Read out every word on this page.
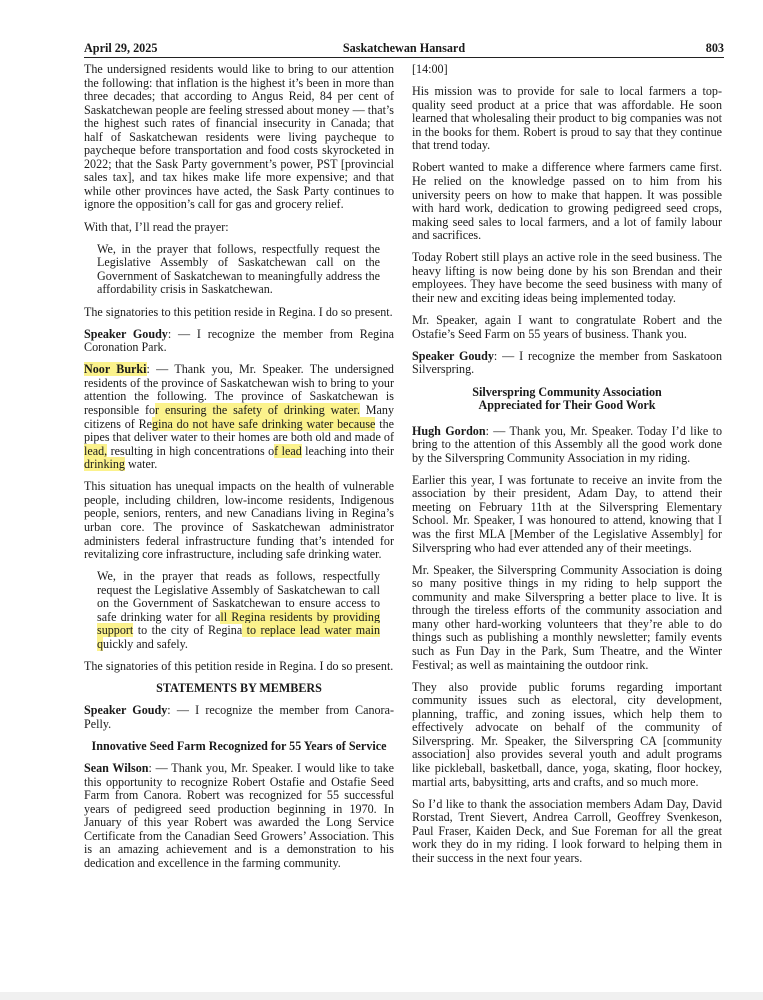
Saskatchewan Hansard
April 29, 2025	803

The undersigned residents would like to bring to our attention the following: that inflation is the highest it’s been in more than three decades; that according to Angus Reid, 84 per cent of Saskatchewan people are feeling stressed about money — that’s the highest such rates of financial insecurity in Canada; that half of Saskatchewan residents were living paycheque to paycheque before transportation and food costs skyrocketed in 2022; that the Sask Party government’s power, PST [provincial sales tax], and tax hikes make life more expensive; and that while other provinces have acted, the Sask Party continues to ignore the opposition’s call for gas and grocery relief.

With that, I’ll read the prayer:

We, in the prayer that follows, respectfully request the Legislative Assembly of Saskatchewan call on the Government of Saskatchewan to meaningfully address the affordability crisis in Saskatchewan.

The signatories to this petition reside in Regina. I do so present.

Speaker Goudy: — I recognize the member from Regina Coronation Park.

Noor Burki: — Thank you, Mr. Speaker. The undersigned residents of the province of Saskatchewan wish to bring to your attention the following. The province of Saskatchewan is responsible for ensuring the safety of drinking water. Many citizens of Regina do not have safe drinking water because the pipes that deliver water to their homes are both old and made of lead, resulting in high concentrations of lead leaching into their drinking water.

This situation has unequal impacts on the health of vulnerable people, including children, low-income residents, Indigenous people, seniors, renters, and new Canadians living in Regina’s urban core. The province of Saskatchewan administrator administers federal infrastructure funding that’s intended for revitalizing core infrastructure, including safe drinking water.

We, in the prayer that reads as follows, respectfully request the Legislative Assembly of Saskatchewan to call on the Government of Saskatchewan to ensure access to safe drinking water for all Regina residents by providing support to the city of Regina to replace lead water main quickly and safely.

The signatories of this petition reside in Regina. I do so present.

STATEMENTS BY MEMBERS

Speaker Goudy: — I recognize the member from Canora-Pelly.

Innovative Seed Farm Recognized for 55 Years of Service

Sean Wilson: — Thank you, Mr. Speaker. I would like to take this opportunity to recognize Robert Ostafie and Ostafie Seed Farm from Canora. Robert was recognized for 55 successful years of pedigreed seed production beginning in 1970. In January of this year Robert was awarded the Long Service Certificate from the Canadian Seed Growers’ Association. This is an amazing achievement and is a demonstration to his dedication and excellence in the farming community.

[14:00]

His mission was to provide for sale to local farmers a top-quality seed product at a price that was affordable. He soon learned that wholesaling their product to big companies was not in the books for them. Robert is proud to say that they continue that trend today.

Robert wanted to make a difference where farmers came first. He relied on the knowledge passed on to him from his university peers on how to make that happen. It was possible with hard work, dedication to growing pedigreed seed crops, making seed sales to local farmers, and a lot of family labour and sacrifices.

Today Robert still plays an active role in the seed business. The heavy lifting is now being done by his son Brendan and their employees. They have become the seed business with many of their new and exciting ideas being implemented today.

Mr. Speaker, again I want to congratulate Robert and the Ostafie’s Seed Farm on 55 years of business. Thank you.

Speaker Goudy: — I recognize the member from Saskatoon Silverspring.

Silverspring Community Association
Appreciated for Their Good Work

Hugh Gordon: — Thank you, Mr. Speaker. Today I’d like to bring to the attention of this Assembly all the good work done by the Silverspring Community Association in my riding.

Earlier this year, I was fortunate to receive an invite from the association by their president, Adam Day, to attend their meeting on February 11th at the Silverspring Elementary School. Mr. Speaker, I was honoured to attend, knowing that I was the first MLA [Member of the Legislative Assembly] for Silverspring who had ever attended any of their meetings.

Mr. Speaker, the Silverspring Community Association is doing so many positive things in my riding to help support the community and make Silverspring a better place to live. It is through the tireless efforts of the community association and many other hard-working volunteers that they’re able to do things such as publishing a monthly newsletter; family events such as Fun Day in the Park, Sum Theatre, and the Winter Festival; as well as maintaining the outdoor rink.

They also provide public forums regarding important community issues such as electoral, city development, planning, traffic, and zoning issues, which help them to effectively advocate on behalf of the community of Silverspring. Mr. Speaker, the Silverspring CA [community association] also provides several youth and adult programs like pickleball, basketball, dance, yoga, skating, floor hockey, martial arts, babysitting, arts and crafts, and so much more.

So I’d like to thank the association members Adam Day, David Rorstad, Trent Sievert, Andrea Carroll, Geoffrey Svenkeson, Paul Fraser, Kaiden Deck, and Sue Foreman for all the great work they do in my riding. I look forward to helping them in their success in the next four years.
